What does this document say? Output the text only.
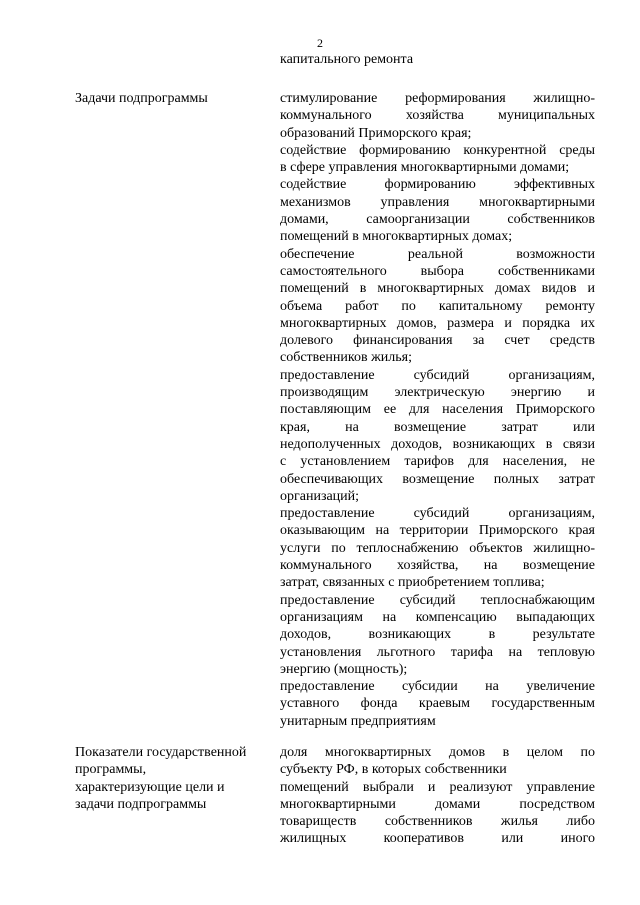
2
капитального ремонта
Задачи подпрограммы	стимулирование реформирования жилищно-
коммунального хозяйства муниципальных
образований Приморского края;
содействие формированию конкурентной среды
в сфере управления многоквартирными домами;
содействие формированию эффективных
механизмов управления многоквартирными
домами, самоорганизации собственников
помещений в многоквартирных домах;
обеспечение реальной возможности
самостоятельного выбора собственниками
помещений в многоквартирных домах видов и
объема работ по капитальному ремонту
многоквартирных домов, размера и порядка их
долевого финансирования за счет средств
собственников жилья;
предоставление субсидий организациям,
производящим электрическую энергию и
поставляющим ее для населения Приморского
края, на возмещение затрат или
недополученных доходов, возникающих в связи
с установлением тарифов для населения, не
обеспечивающих возмещение полных затрат
организаций;
предоставление субсидий организациям,
оказывающим на территории Приморского края
услуги по теплоснабжению объектов жилищно-
коммунального хозяйства, на возмещение
затрат, связанных с приобретением топлива;
предоставление субсидий теплоснабжающим
организациям на компенсацию выпадающих
доходов, возникающих в результате
установления льготного тарифа на тепловую
энергию (мощность);
предоставление субсидии на увеличение
уставного фонда краевым государственным
унитарным предприятиям
Показатели государственной
программы,
характеризующие цели и
задачи подпрограммы
доля многоквартирных домов в целом по
субъекту РФ, в которых собственники
помещений выбрали и реализуют управление
многоквартирными домами посредством
товариществ собственников жилья либо
жилищных кооперативов или иного
